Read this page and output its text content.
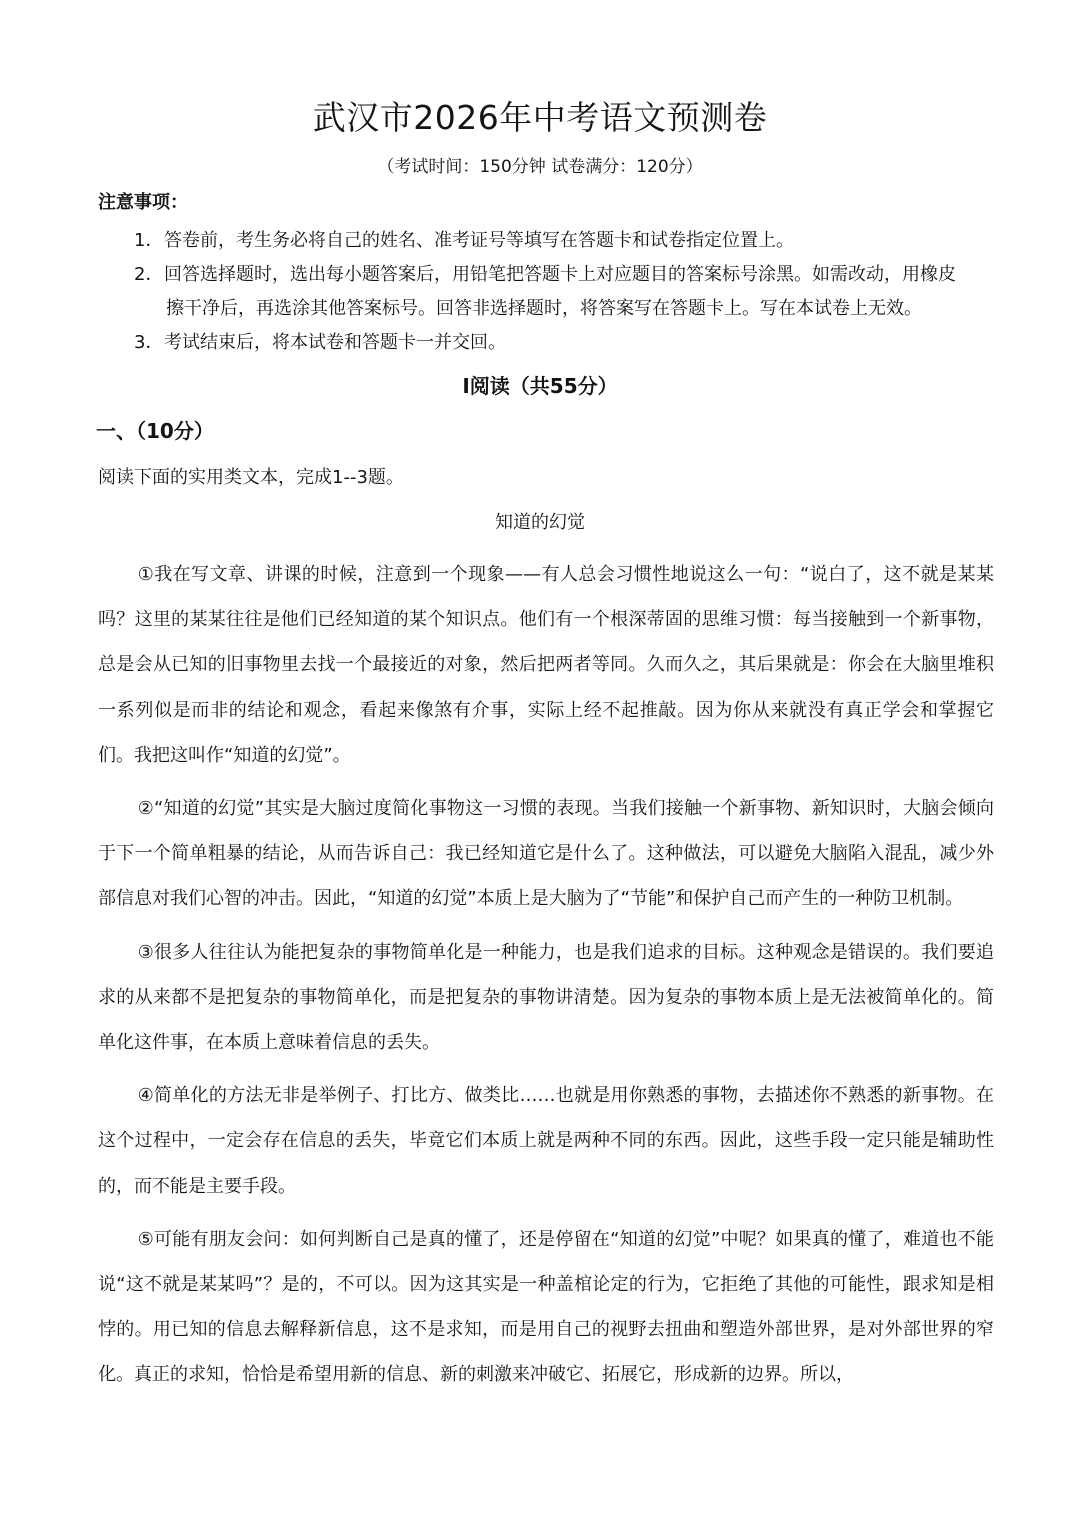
武汉市2026年中考语文预测卷
（考试时间：150分钟 试卷满分：120分）
注意事项：
1．答卷前，考生务必将自己的姓名、准考证号等填写在答题卡和试卷指定位置上。
2．回答选择题时，选出每小题答案后，用铅笔把答题卡上对应题目的答案标号涂黑。如需改动，用橡皮
擦干净后，再选涂其他答案标号。回答非选择题时，将答案写在答题卡上。写在本试卷上无效。
3．考试结束后，将本试卷和答题卡一并交回。
Ⅰ阅读（共55分）
一、（10分）
阅读下面的实用类文本，完成1--3题。
知道的幻觉

①我在写文章、讲课的时候，注意到一个现象——有人总会习惯性地说这么一句：“说白了，这不就是某某吗？这里的某某往往是他们已经知道的某个知识点。他们有一个根深蒂固的思维习惯：每当接触到一个新事物，总是会从已知的旧事物里去找一个最接近的对象，然后把两者等同。久而久之，其后果就是：你会在大脑里堆积一系列似是而非的结论和观念，看起来像煞有介事，实际上经不起推敲。因为你从来就没有真正学会和掌握它们。我把这叫作“知道的幻觉”。

②“知道的幻觉”其实是大脑过度简化事物这一习惯的表现。当我们接触一个新事物、新知识时，大脑会倾向于下一个简单粗暴的结论，从而告诉自己：我已经知道它是什么了。这种做法，可以避免大脑陷入混乱，减少外部信息对我们心智的冲击。因此，“知道的幻觉”本质上是大脑为了“节能”和保护自己而产生的一种防卫机制。

③很多人往往认为能把复杂的事物简单化是一种能力，也是我们追求的目标。这种观念是错误的。我们要追求的从来都不是把复杂的事物简单化，而是把复杂的事物讲清楚。因为复杂的事物本质上是无法被简单化的。简单化这件事，在本质上意味着信息的丢失。

④简单化的方法无非是举例子、打比方、做类比……也就是用你熟悉的事物，去描述你不熟悉的新事物。在这个过程中，一定会存在信息的丢失，毕竟它们本质上就是两种不同的东西。因此，这些手段一定只能是辅助性的，而不能是主要手段。

⑤可能有朋友会问：如何判断自己是真的懂了，还是停留在“知道的幻觉”中呢？如果真的懂了，难道也不能说“这不就是某某吗”？是的，不可以。因为这其实是一种盖棺论定的行为，它拒绝了其他的可能性，跟求知是相悖的。用已知的信息去解释新信息，这不是求知，而是用自己的视野去扭曲和塑造外部世界，是对外部世界的窄化。真正的求知，恰恰是希望用新的信息、新的刺激来冲破它、拓展它，形成新的边界。所以，
